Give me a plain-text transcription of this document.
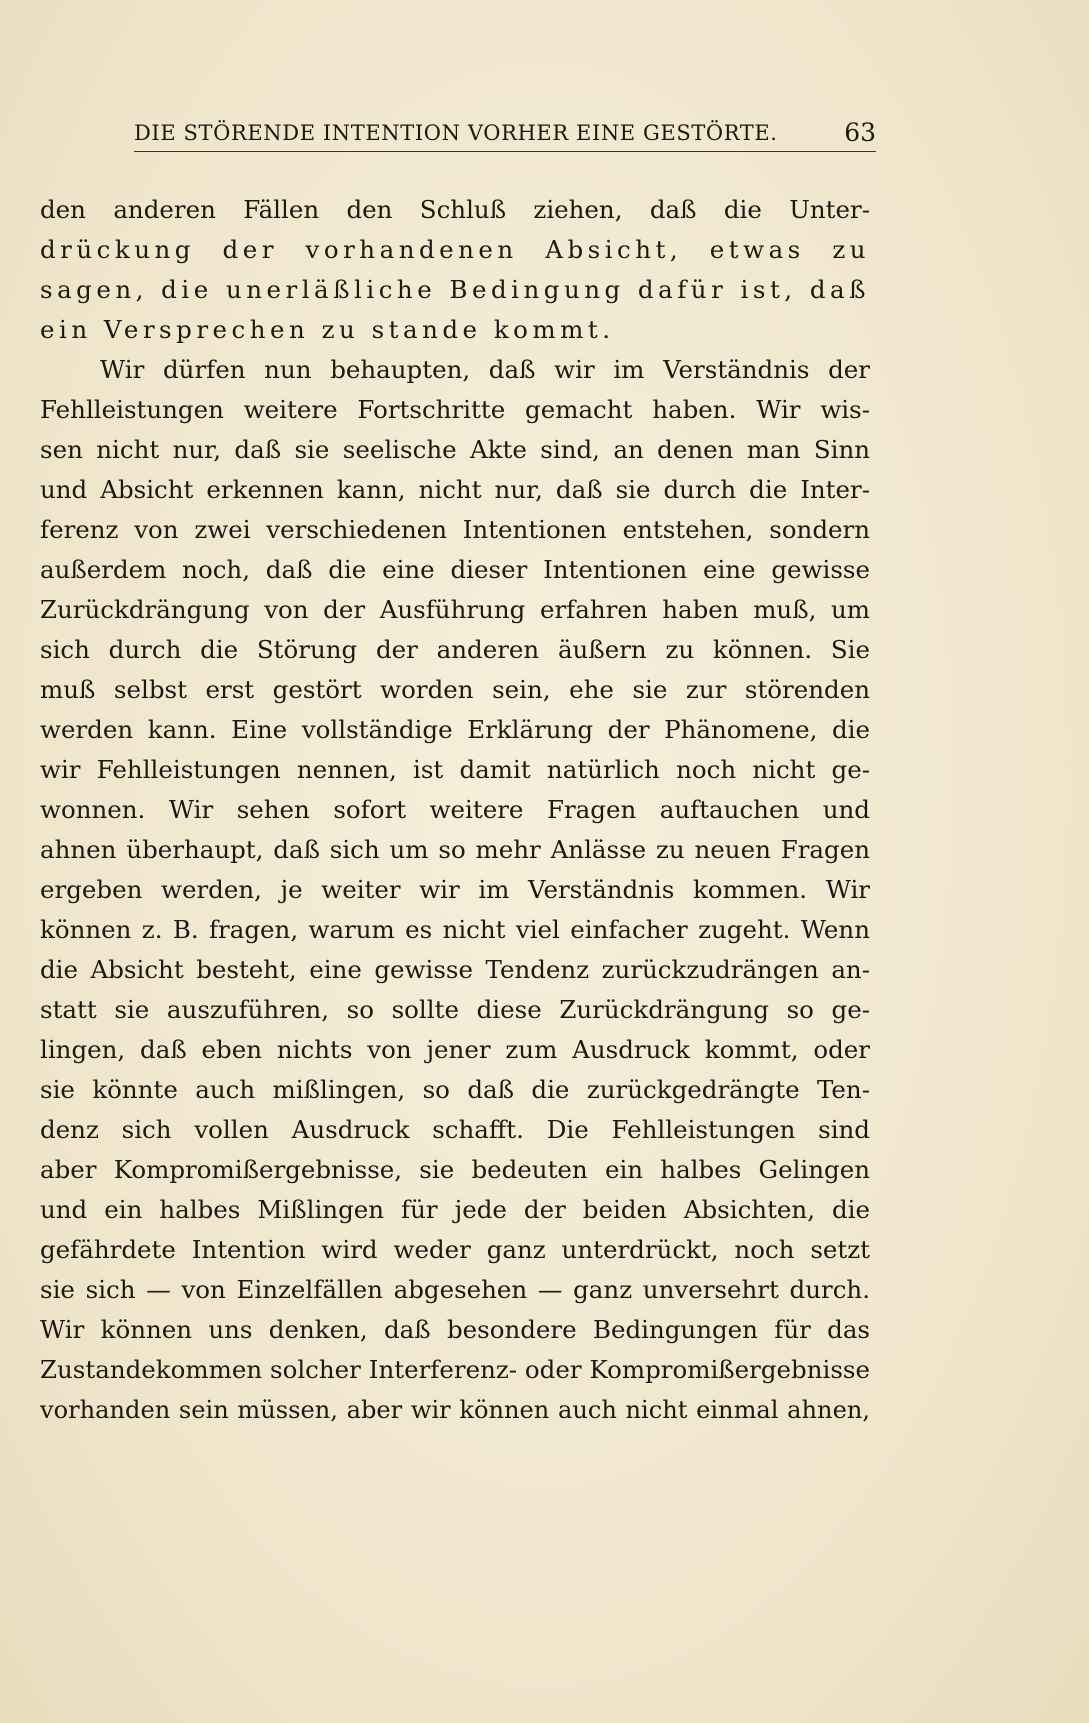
DIE STÖRENDE INTENTION VORHER EINE GESTÖRTE.	63
den anderen Fällen den Schluß ziehen, daß die Unter-
drückung der vorhandenen Absicht, etwas zu
sagen, die unerläßliche Bedingung dafür ist, daß
ein Versprechen zu stande kommt.
Wir dürfen nun behaupten, daß wir im Verständnis der
Fehlleistungen weitere Fortschritte gemacht haben. Wir wis-
sen nicht nur, daß sie seelische Akte sind, an denen man Sinn
und Absicht erkennen kann, nicht nur, daß sie durch die Inter-
ferenz von zwei verschiedenen Intentionen entstehen, sondern
außerdem noch, daß die eine dieser Intentionen eine gewisse
Zurückdrängung von der Ausführung erfahren haben muß, um
sich durch die Störung der anderen äußern zu können. Sie
muß selbst erst gestört worden sein, ehe sie zur störenden
werden kann. Eine vollständige Erklärung der Phänomene, die
wir Fehlleistungen nennen, ist damit natürlich noch nicht ge-
wonnen. Wir sehen sofort weitere Fragen auftauchen und
ahnen überhaupt, daß sich um so mehr Anlässe zu neuen Fragen
ergeben werden, je weiter wir im Verständnis kommen. Wir
können z. B. fragen, warum es nicht viel einfacher zugeht. Wenn
die Absicht besteht, eine gewisse Tendenz zurückzudrängen an-
statt sie auszuführen, so sollte diese Zurückdrängung so ge-
lingen, daß eben nichts von jener zum Ausdruck kommt, oder
sie könnte auch mißlingen, so daß die zurückgedrängte Ten-
denz sich vollen Ausdruck schafft. Die Fehlleistungen sind
aber Kompromißergebnisse, sie bedeuten ein halbes Gelingen
und ein halbes Mißlingen für jede der beiden Absichten, die
gefährdete Intention wird weder ganz unterdrückt, noch setzt
sie sich — von Einzelfällen abgesehen — ganz unversehrt durch.
Wir können uns denken, daß besondere Bedingungen für das
Zustandekommen solcher Interferenz- oder Kompromißergebnisse
vorhanden sein müssen, aber wir können auch nicht einmal ahnen,
